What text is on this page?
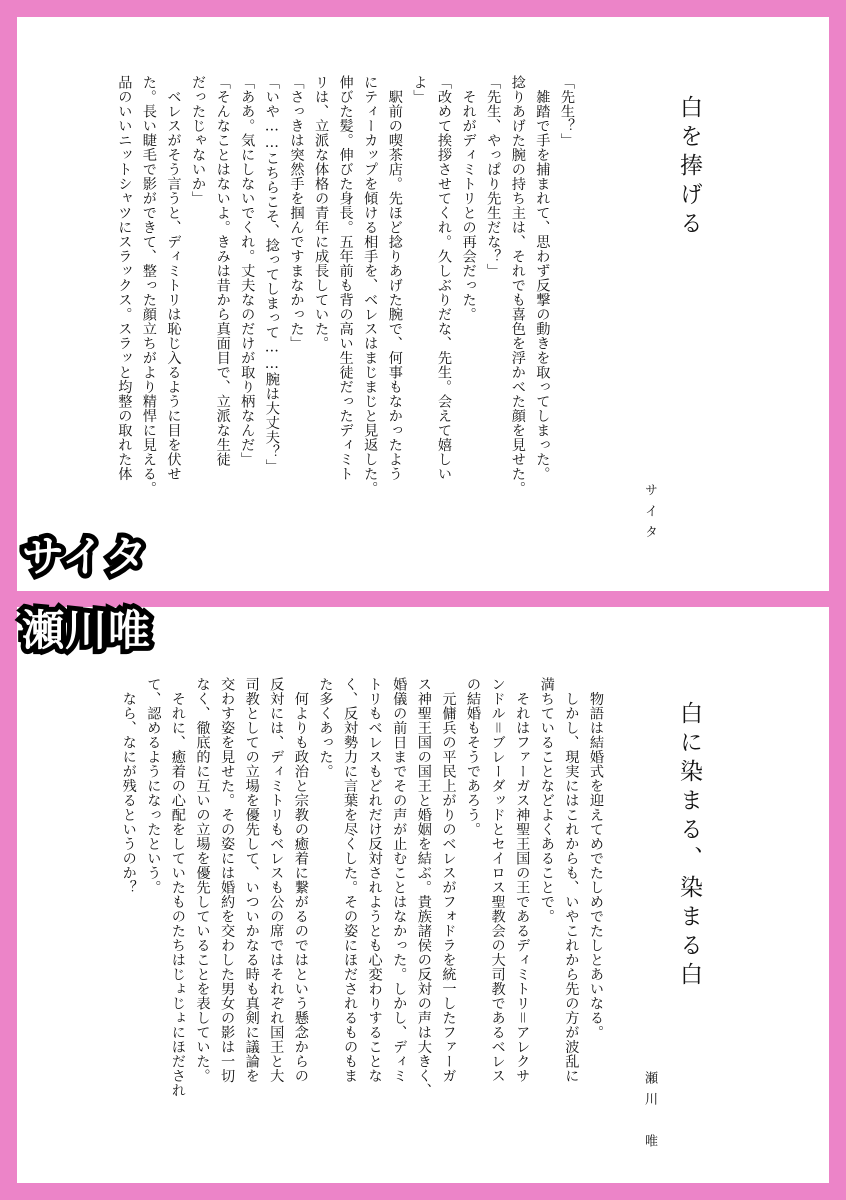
白を捧げる
サイタ
「先生？」
　雑踏で手を捕まれて、思わず反撃の動きを取ってしまった。
捻りあげた腕の持ち主は、それでも喜色を浮かべた顔を見せた。
「先生、やっぱり先生だな？」
　それがディミトリとの再会だった。
「改めて挨拶させてくれ。久しぶりだな、先生。会えて嬉しい
よ」
　駅前の喫茶店。先ほど捻りあげた腕で、何事もなかったよう
にティーカップを傾ける相手を、ベレスはまじまじと見返した。
伸びた髪。伸びた身長。五年前も背の高い生徒だったディミト
リは、立派な体格の青年に成長していた。
「さっきは突然手を掴んですまなかった」
「いや……こちらこそ、捻ってしまって……腕は大丈夫？」
「ああ。気にしないでくれ。丈夫なのだけが取り柄なんだ」
「そんなことはないよ。きみは昔から真面目で、立派な生徒
だったじゃないか」
　ベレスがそう言うと、ディミトリは恥じ入るように目を伏せ
た。長い睫毛で影ができて、整った顔立ちがより精悍に見える。
品のいいニットシャツにスラックス。スラッと均整の取れた体
白に染まる、染まる白
瀬川　唯
　物語は結婚式を迎えてめでたしめでたしとあいなる。
　しかし、現実にはこれからも、いやこれから先の方が波乱に
満ちていることなどよくあることで。
　それはファーガス神聖王国の王であるディミトリ＝アレクサ
ンドル＝ブレーダッドとセイロス聖教会の大司教であるベレス
の結婚もそうであろう。
　元傭兵の平民上がりのベレスがフォドラを統一したファーガ
ス神聖王国の国王と婚姻を結ぶ。貴族諸侯の反対の声は大きく、
婚儀の前日までその声が止むことはなかった。しかし、ディミ
トリもベレスもどれだけ反対されようとも心変わりすることな
く、反対勢力に言葉を尽くした。その姿にほだされるものもま
た多くあった。
　何よりも政治と宗教の癒着に繋がるのではという懸念からの
反対には、ディミトリもベレスも公の席ではそれぞれ国王と大
司教としての立場を優先して、いついかなる時も真剣に議論を
交わす姿を見せた。その姿には婚約を交わした男女の影は一切
なく、徹底的に互いの立場を優先していることを表していた。
　それに、癒着の心配をしていたものたちはじょじょにほだされ
て、認めるようになったという。
　なら、なにが残るというのか？
サイタ
瀬川唯
